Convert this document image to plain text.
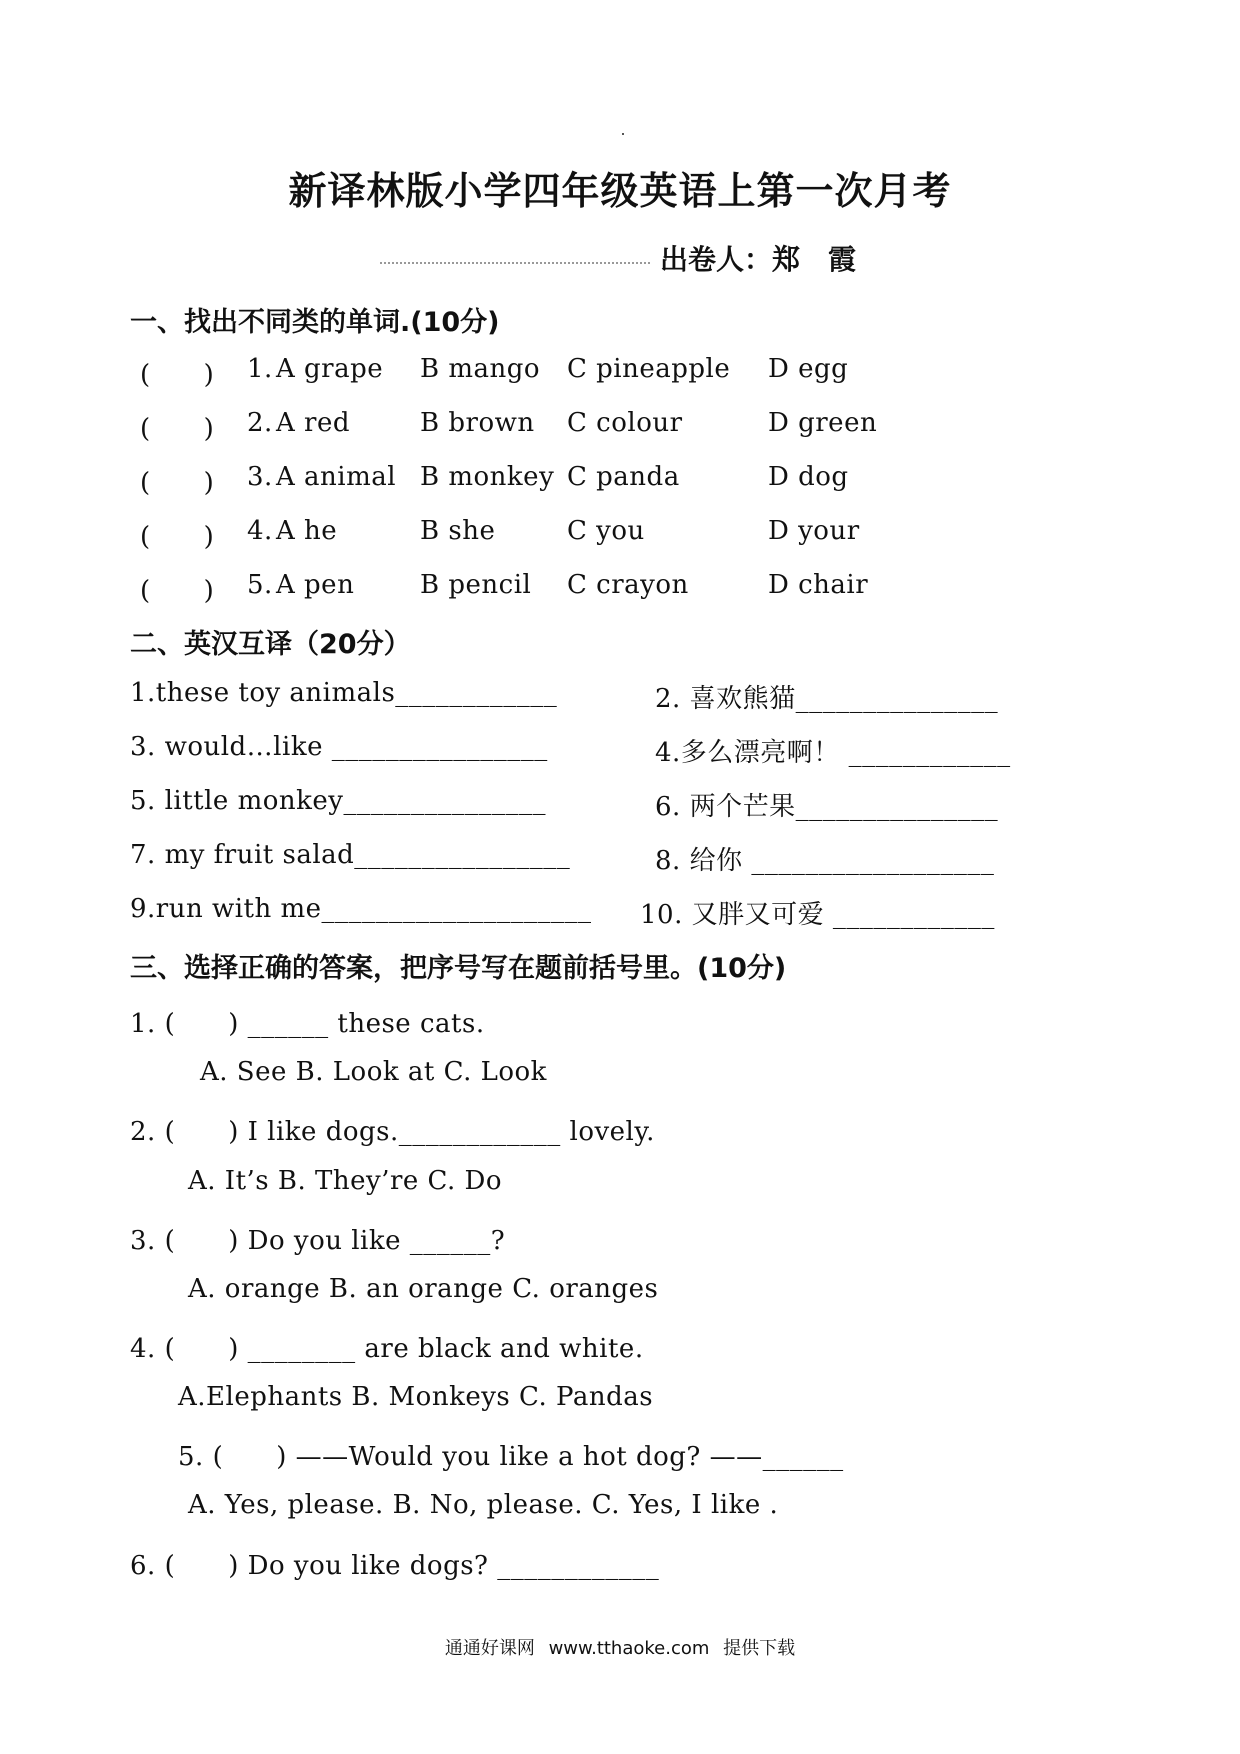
新译林版小学四年级英语上第一次月考
出卷人：郑　霞
一、找出不同类的单词.(10分)
(　　) 1. A grape B mango C pineapple D egg
(　　) 2. A red	B brown C colour	D green
(　　) 3. A animal B monkey C panda	D dog
(　　) 4. A he	B she	C you	D your
(　　) 5. A pen	B pencil C crayon	D chair
二、英汉互译（20分）
1.these toy animals____________	2. 喜欢熊猫_______________
3. would…like ________________	4.多么漂亮啊！ ____________
5. little monkey_______________	6. 两个芒果_______________
7. my fruit salad________________	8. 给你 __________________
9.run with me____________________ 10. 又胖又可爱 ____________
三、选择正确的答案，把序号写在题前括号里。(10分)
1. (　　) ______ these cats.
A. See B. Look at C. Look
2. (　　) I like dogs.____________ lovely.
A. It’s B. They’re C. Do
3. (　　) Do you like ______?
A. orange B. an orange C. oranges
4. (　　) ________ are black and white.
A.Elephants B. Monkeys C. Pandas
5. (　　) ——Would you like a hot dog? ——______
A. Yes, please. B. No, please. C. Yes, I like .
6. (　　) Do you like dogs? ____________
通通好课网 www.tthaoke.com 提供下载
